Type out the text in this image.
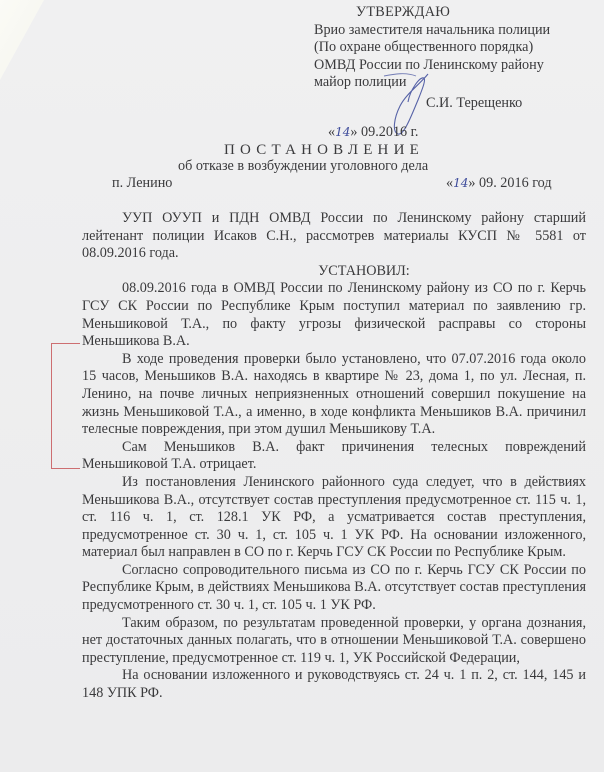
УТВЕРЖДАЮ
Врио заместителя начальника полиции
(По охране общественного порядка)
ОМВД России по Ленинскому району
майор полиции
С.И. Терещенко
«14» 09.2016 г.
ПОСТАНОВЛЕНИЕ
об отказе в возбуждении уголовного дела
п. Ленино	«14» 09. 2016 год

УУП ОУУП и ПДН ОМВД России по Ленинскому району старший лейтенант полиции Исаков С.Н., рассмотрев материалы КУСП № 5581 от 08.09.2016 года.

УСТАНОВИЛ:

08.09.2016 года в ОМВД России по Ленинскому району из СО по г. Керчь ГСУ СК России по Республике Крым поступил материал по заявлению гр. Меньшиковой Т.А., по факту угрозы физической расправы со стороны Меньшикова В.А.

В ходе проведения проверки было установлено, что 07.07.2016 года около 15 часов, Меньшиков В.А. находясь в квартире № 23, дома 1, по ул. Лесная, п. Ленино, на почве личных неприязненных отношений совершил покушение на жизнь Меньшиковой Т.А., а именно, в ходе конфликта Меньшиков В.А. причинил телесные повреждения, при этом душил Меньшикову Т.А.

Сам Меньшиков В.А. факт причинения телесных повреждений Меньшиковой Т.А. отрицает.

Из постановления Ленинского районного суда следует, что в действиях Меньшикова В.А., отсутствует состав преступления предусмотренное ст. 115 ч. 1, ст. 116 ч. 1, ст. 128.1 УК РФ, а усматривается состав преступления, предусмотренное ст. 30 ч. 1, ст. 105 ч. 1 УК РФ. На основании изложенного, материал был направлен в СО по г. Керчь ГСУ СК России по Республике Крым.

Согласно сопроводительного письма из СО по г. Керчь ГСУ СК России по Республике Крым, в действиях Меньшикова В.А. отсутствует состав преступления предусмотренного ст. 30 ч. 1, ст. 105 ч. 1 УК РФ.

Таким образом, по результатам проведенной проверки, у органа дознания, нет достаточных данных полагать, что в отношении Меньшиковой Т.А. совершено преступление, предусмотренное ст. 119 ч. 1, УК Российской Федерации,

На основании изложенного и руководствуясь ст. 24 ч. 1 п. 2, ст. 144, 145 и 148 УПК РФ.
